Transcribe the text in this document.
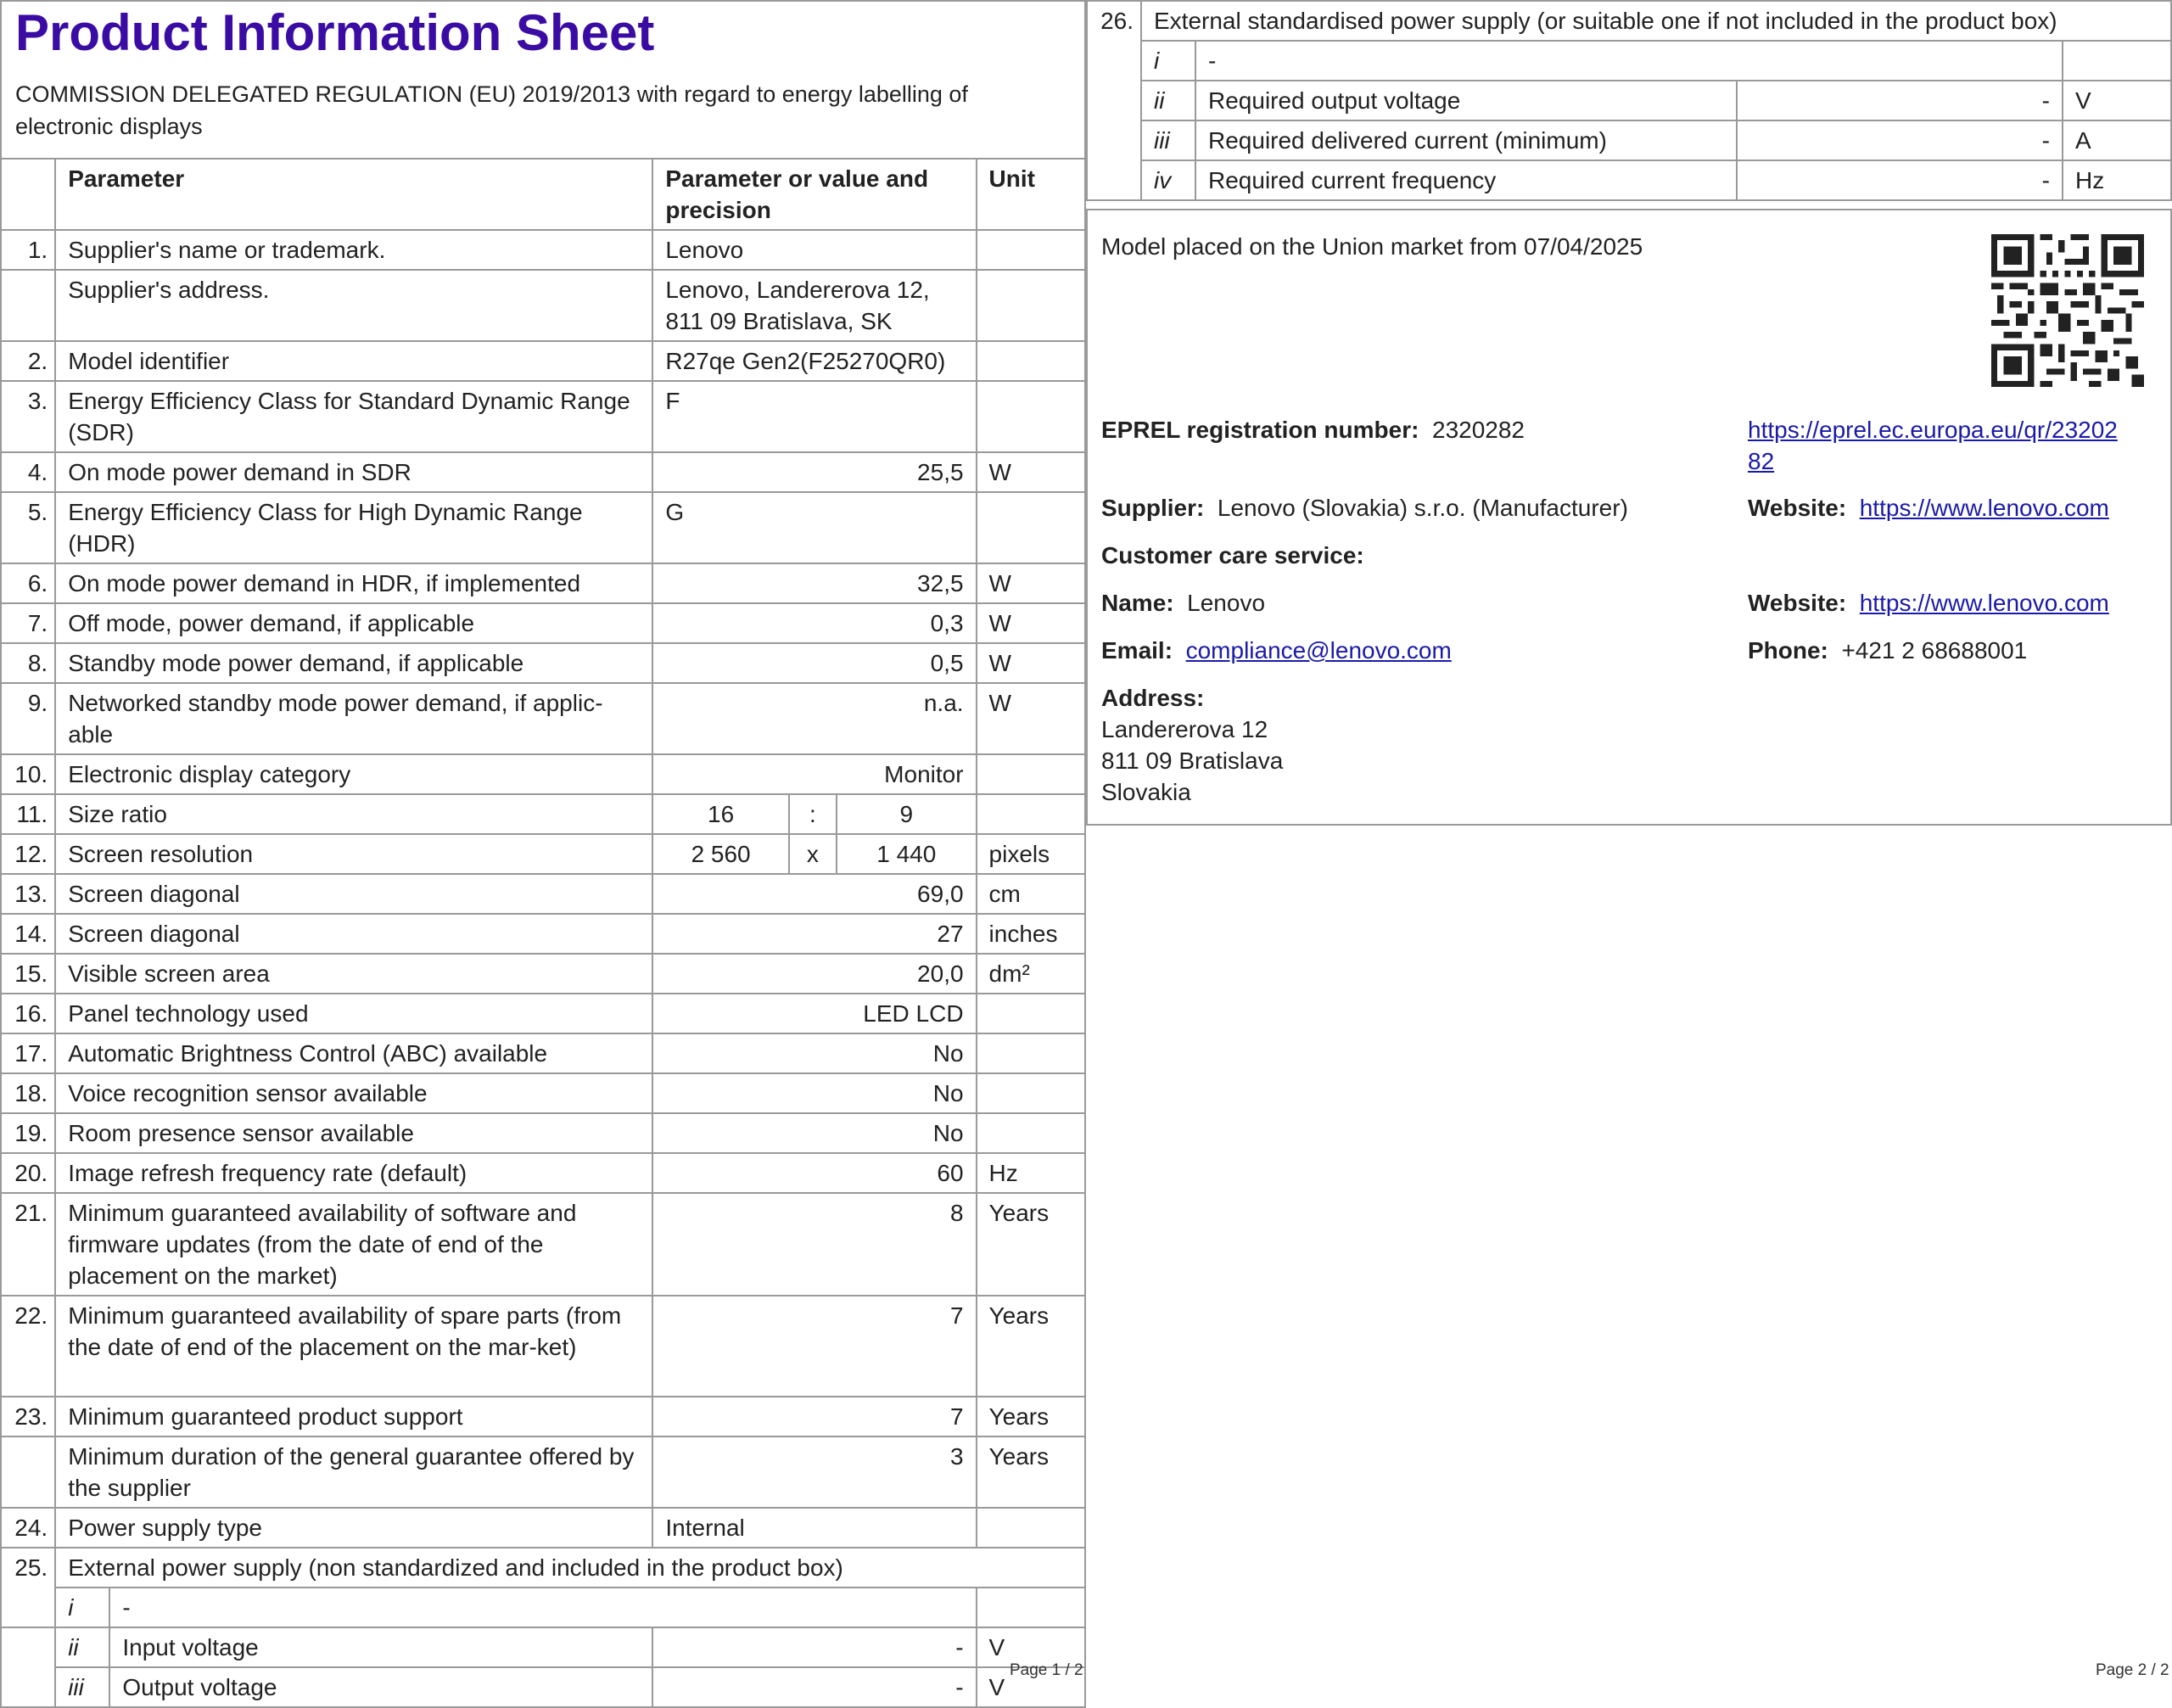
Product Information Sheet
COMMISSION DELEGATED REGULATION (EU) 2019/2013 with regard to energy labelling of electronic displays
	Parameter		Parameter or value and precision			Unit
1.	Supplier's name or trademark.		Lenovo			
	Supplier's address.		Lenovo, Landererova 12, 811 09 Bratislava, SK			
2.	Model identifier		R27qe Gen2(F25270QR0)			
3.	Energy Efficiency Class for Standard Dynamic Range (SDR)		F			
4.	On mode power demand in SDR		25,5			W
5.	Energy Efficiency Class for High Dynamic Range (HDR)		G			
6.	On mode power demand in HDR, if implemented		32,5			W
7.	Off mode, power demand, if applicable		0,3			W
8.	Standby mode power demand, if applicable		0,5			W
9.	Networked standby mode power demand, if applic-able		n.a.			W
10.	Electronic display category		Monitor			
11.	Size ratio		16	:	9	
12.	Screen resolution		2 560	x	1 440	pixels
13.	Screen diagonal		69,0			cm
14.	Screen diagonal		27			inches
15.	Visible screen area		20,0			dm²
16.	Panel technology used		LED LCD			
17.	Automatic Brightness Control (ABC) available		No			
18.	Voice recognition sensor available		No			
19.	Room presence sensor available		No			
20.	Image refresh frequency rate (default)		60			Hz
21.	Minimum guaranteed availability of software and firmware updates (from the date of end of the placement on the market)		8			Years
22.	Minimum guaranteed availability of spare parts (from the date of end of the placement on the mar-ket)		7			Years
23.	Minimum guaranteed product support		7			Years
	Minimum duration of the general guarantee offered by the supplier		3			Years
24.	Power supply type		Internal			
25.	External power supply (non standardized and included in the product box)					
	i	-				
	ii	Input voltage	-			V
	iii	Output voltage	-			V
Page 1 / 2
26.	External standardised power supply (or suitable one if not included in the product box)			
	i	-		
	ii	Required output voltage	-	V
	iii	Required delivered current (minimum)	-	A
	iv	Required current frequency	-	Hz
Model placed on the Union market from 07/04/2025
EPREL registration number: 2320282	https://eprel.ec.europa.eu/qr/2320282
Supplier: Lenovo (Slovakia) s.r.o. (Manufacturer)	Website: https://www.lenovo.com
Customer care service:
Name: Lenovo	Website: https://www.lenovo.com
Email: compliance@lenovo.com	Phone: +421 2 68688001
Address:
Landererova 12
811 09 Bratislava
Slovakia
Page 2 / 2
